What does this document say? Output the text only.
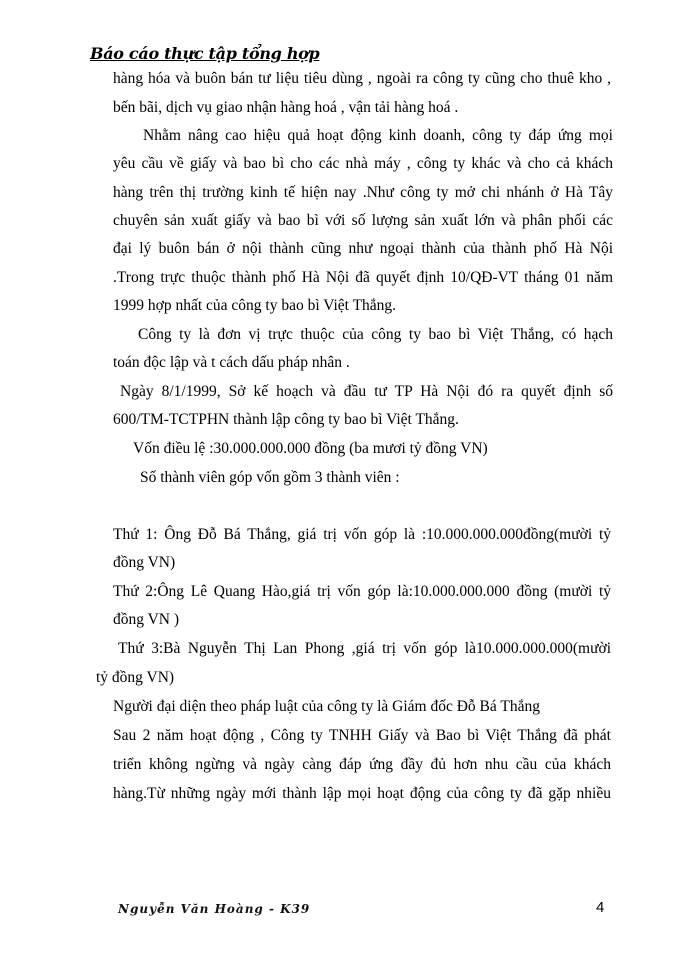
Báo cáo thực tập tổng hợp
hàng hóa và buôn bán tư liệu tiêu dùng , ngoài ra công ty cũng cho thuê kho ,
bến bãi, dịch vụ giao nhận hàng hoá , vận tải hàng hoá .
Nhằm nâng cao hiệu quả hoạt động kinh doanh, công ty đáp ứng mọi
yêu cầu về giấy và bao bì cho các nhà máy , công ty khác và cho cả khách
hàng trên thị trường kinh tế hiện nay .Như công ty mở chi nhánh ở Hà Tây
chuyên sản xuất giấy và bao bì với số lượng sản xuất lớn và phân phối các
đại lý buôn bán ở nội thành cũng như ngoại thành của thành phố Hà Nội
.Trong trực thuộc thành phố Hà Nội đã quyết định 10/QĐ-VT tháng 01 năm
1999 hợp nhất của công ty bao bì Việt Thắng.
Công ty là đơn vị trực thuộc của công ty bao bì Việt Thắng, có hạch
toán độc lập và t cách dấu pháp nhân .
Ngày 8/1/1999, Sở kế hoạch và đầu tư TP Hà Nội đó ra quyết định số
600/TM-TCTPHN thành lập công ty bao bì Việt Thắng.
Vốn điều lệ :30.000.000.000 đồng (ba mươi tỷ đồng VN)
Số thành viên góp vốn gồm 3 thành viên :
Thứ 1: Ông Đỗ Bá Thắng, giá trị vốn góp là :10.000.000.000đồng(mười tỷ
đồng VN)
Thứ 2:Ông Lê Quang Hào,giá trị vốn góp là:10.000.000.000 đồng (mười tỷ
đồng VN )
Thứ 3:Bà Nguyễn Thị Lan Phong ,giá trị vốn góp là10.000.000.000(mười
tỷ đồng VN)
Người đại diện theo pháp luật của công ty là Giám đốc Đỗ Bá Thắng
Sau 2 năm hoạt động , Công ty TNHH Giấy và Bao bì Việt Thắng đã phát
triển không ngừng và ngày càng đáp ứng đầy đủ hơn nhu cầu của khách
hàng.Từ những ngày mới thành lập mọi hoạt động của công ty đã gặp nhiều
Nguyễn Văn Hoàng - K39	4
